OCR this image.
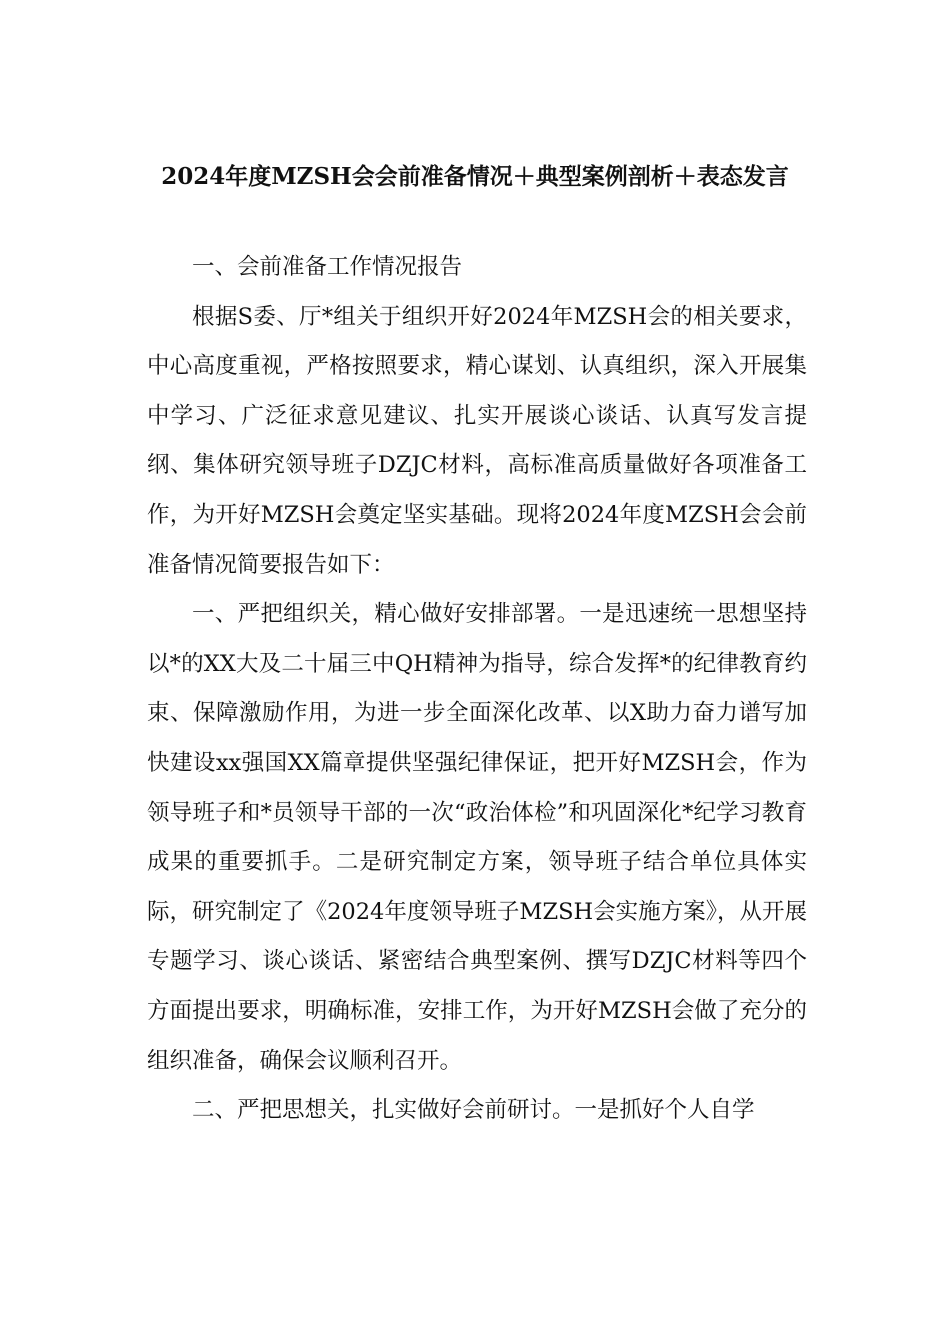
2024年度MZSH会会前准备情况＋典型案例剖析＋表态发言

一、会前准备工作情况报告

根据S委、厅*组关于组织开好2024年MZSH会的相关要求，中心高度重视，严格按照要求，精心谋划、认真组织，深入开展集中学习、广泛征求意见建议、扎实开展谈心谈话、认真写发言提纲、集体研究领导班子DZJC材料，高标准高质量做好各项准备工作，为开好MZSH会奠定坚实基础。现将2024年度MZSH会会前准备情况简要报告如下：

一、严把组织关，精心做好安排部署。一是迅速统一思想坚持以*的XX大及二十届三中QH精神为指导，综合发挥*的纪律教育约束、保障激励作用，为进一步全面深化改革、以X助力奋力谱写加快建设xx强国XX篇章提供坚强纪律保证，把开好MZSH会，作为领导班子和*员领导干部的一次“政治体检”和巩固深化*纪学习教育成果的重要抓手。二是研究制定方案，领导班子结合单位具体实际，研究制定了《2024年度领导班子MZSH会实施方案》，从开展专题学习、谈心谈话、紧密结合典型案例、撰写DZJC材料等四个方面提出要求，明确标准，安排工作，为开好MZSH会做了充分的组织准备，确保会议顺利召开。

二、严把思想关，扎实做好会前研讨。一是抓好个人自学
